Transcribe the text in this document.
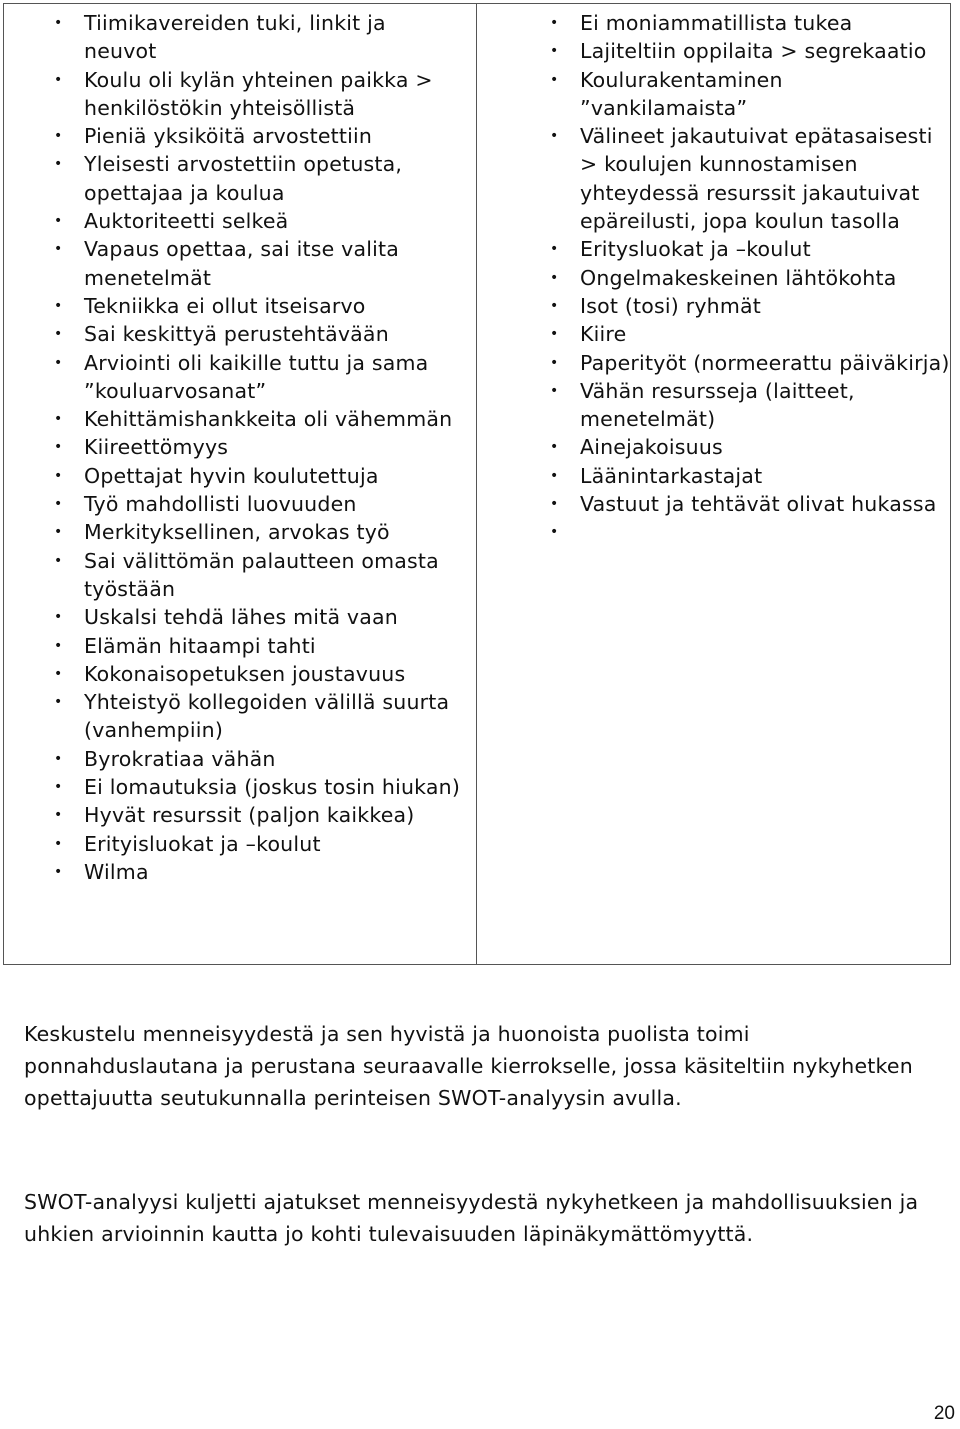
• Tiimikavereiden tuki, linkit ja neuvot
• Koulu oli kylän yhteinen paikka > henkilöstökin yhteisöllistä
• Pieniä yksiköitä arvostettiin
• Yleisesti arvostettiin opetusta, opettajaa ja koulua
• Auktoriteetti selkeä
• Vapaus opettaa, sai itse valita menetelmät
• Tekniikka ei ollut itseisarvo
• Sai keskittyä perustehtävään
• Arviointi oli kaikille tuttu ja sama ”kouluarvosanat”
• Kehittämishankkeita oli vähemmän
• Kiireettömyys
• Opettajat hyvin koulutettuja
• Työ mahdollisti luovuuden
• Merkityksellinen, arvokas työ
• Sai välittömän palautteen omasta työstään
• Uskalsi tehdä lähes mitä vaan
• Elämän hitaampi tahti
• Kokonaisopetuksen joustavuus
• Yhteistyö kollegoiden välillä suurta (vanhempiin)
• Byrokratiaa vähän
• Ei lomautuksia (joskus tosin hiukan)
• Hyvät resurssit (paljon kaikkea)
• Erityisluokat ja –koulut
• Wilma
• Ei moniammatillista tukea
• Lajiteltiin oppilaita > segrekaatio
• Koulurakentaminen ”vankilamaista”
• Välineet jakautuivat epätasaisesti > koulujen kunnostamisen yhteydessä resurssit jakautuivat epäreilusti, jopa koulun tasolla
• Eritysluokat ja –koulut
• Ongelmakeskeinen lähtökohta
• Isot (tosi) ryhmät
• Kiire
• Paperityöt (normeerattu päiväkirja)
• Vähän resursseja (laitteet, menetelmät)
• Ainejakoisuus
• Läänintarkastajat
• Vastuut ja tehtävät olivat hukassa
•

Keskustelu menneisyydestä ja sen hyvistä ja huonoista puolista toimi ponnahduslautana ja perustana seuraavalle kierrokselle, jossa käsiteltiin nykyhetken opettajuutta seutukunnalla perinteisen SWOT-analyysin avulla.

SWOT-analyysi kuljetti ajatukset menneisyydestä nykyhetkeen ja mahdollisuuksien ja uhkien arvioinnin kautta jo kohti tulevaisuuden läpinäkymättömyyttä.

20
